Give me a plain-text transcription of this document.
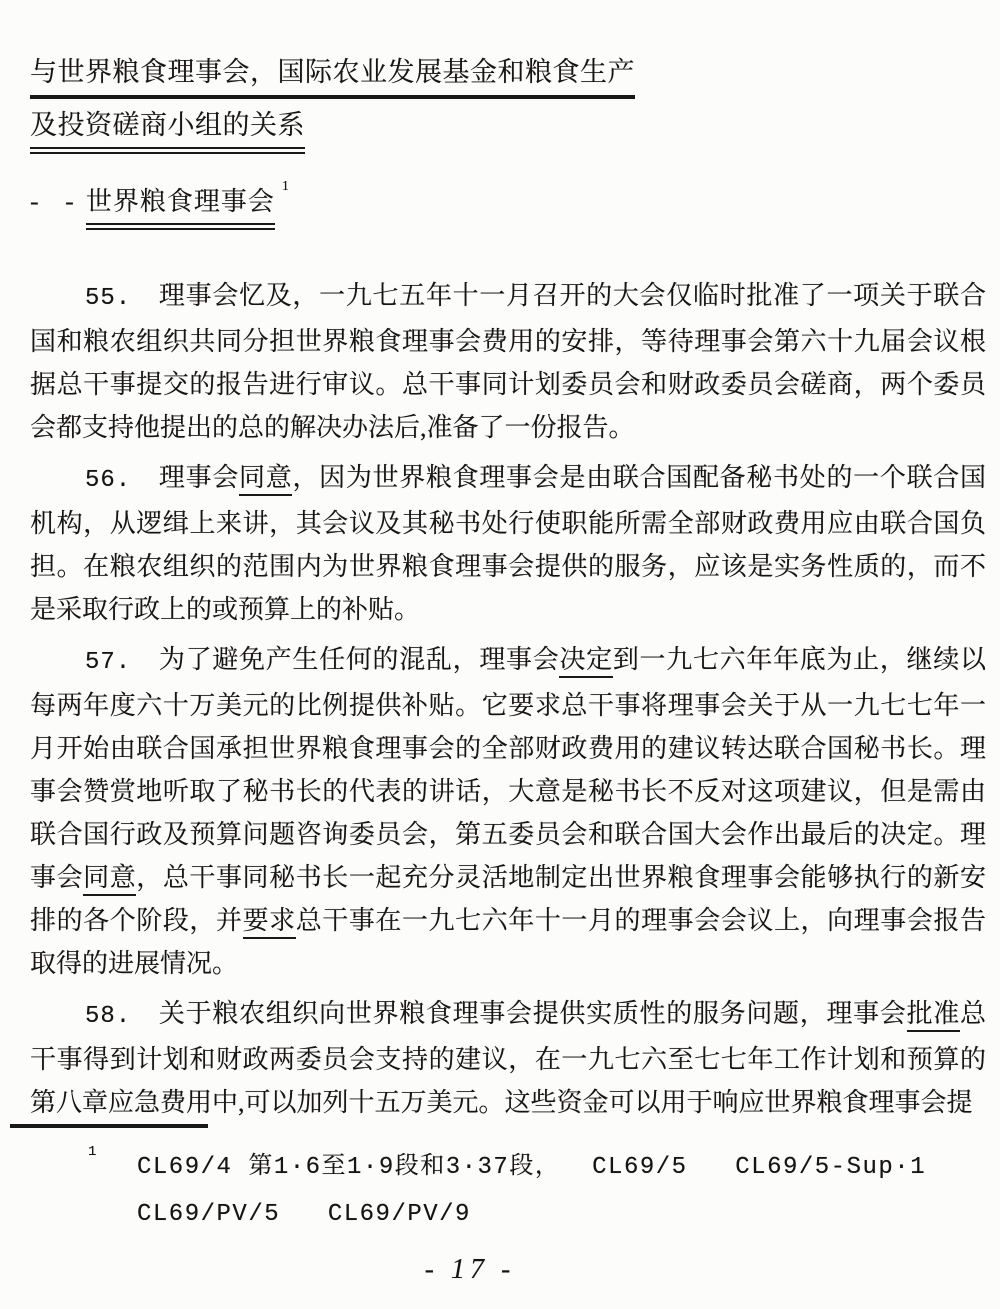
与世界粮食理事会，国际农业发展基金和粮食生产
及投资磋商小组的关系
- -世界粮食理事会$^1$

55. 理事会忆及，一九七五年十一月召开的大会仅临时批准了一项关于联合国和粮农组织共同分担世界粮食理事会费用的安排，等待理事会第六十九届会议根据总干事提交的报告进行审议。总干事同计划委员会和财政委员会磋商，两个委员会都支持他提出的总的解决办法后,准备了一份报告。

56. 理事会同意，因为世界粮食理事会是由联合国配备秘书处的一个联合国机构，从逻缉上来讲，其会议及其秘书处行使职能所需全部财政费用应由联合国负担。在粮农组织的范围内为世界粮食理事会提供的服务，应该是实务性质的，而不是采取行政上的或预算上的补贴。

57. 为了避免产生任何的混乱，理事会决定到一九七六年年底为止，继续以每两年度六十万美元的比例提供补贴。它要求总干事将理事会关于从一九七七年一月开始由联合国承担世界粮食理事会的全部财政费用的建议转达联合国秘书长。理事会赞赏地听取了秘书长的代表的讲话，大意是秘书长不反对这项建议，但是需由联合国行政及预算问题咨询委员会，第五委员会和联合国大会作出最后的决定。理事会同意，总干事同秘书长一起充分灵活地制定出世界粮食理事会能够执行的新安排的各个阶段，并要求总干事在一九七六年十一月的理事会会议上，向理事会报告取得的进展情况。

58. 关于粮农组织向世界粮食理事会提供实质性的服务问题，理事会批准总干事得到计划和财政两委员会支持的建议，在一九七六至七七年工作计划和预算的第八章应急费用中,可以加列十五万美元。这些资金可以用于响应世界粮食理事会提

1
CL69/4 第1·6至1·9段和3·37段，  CL69/5   CL69/5-Sup·1
CL69/PV/5   CL69/PV/9
- 17 -
